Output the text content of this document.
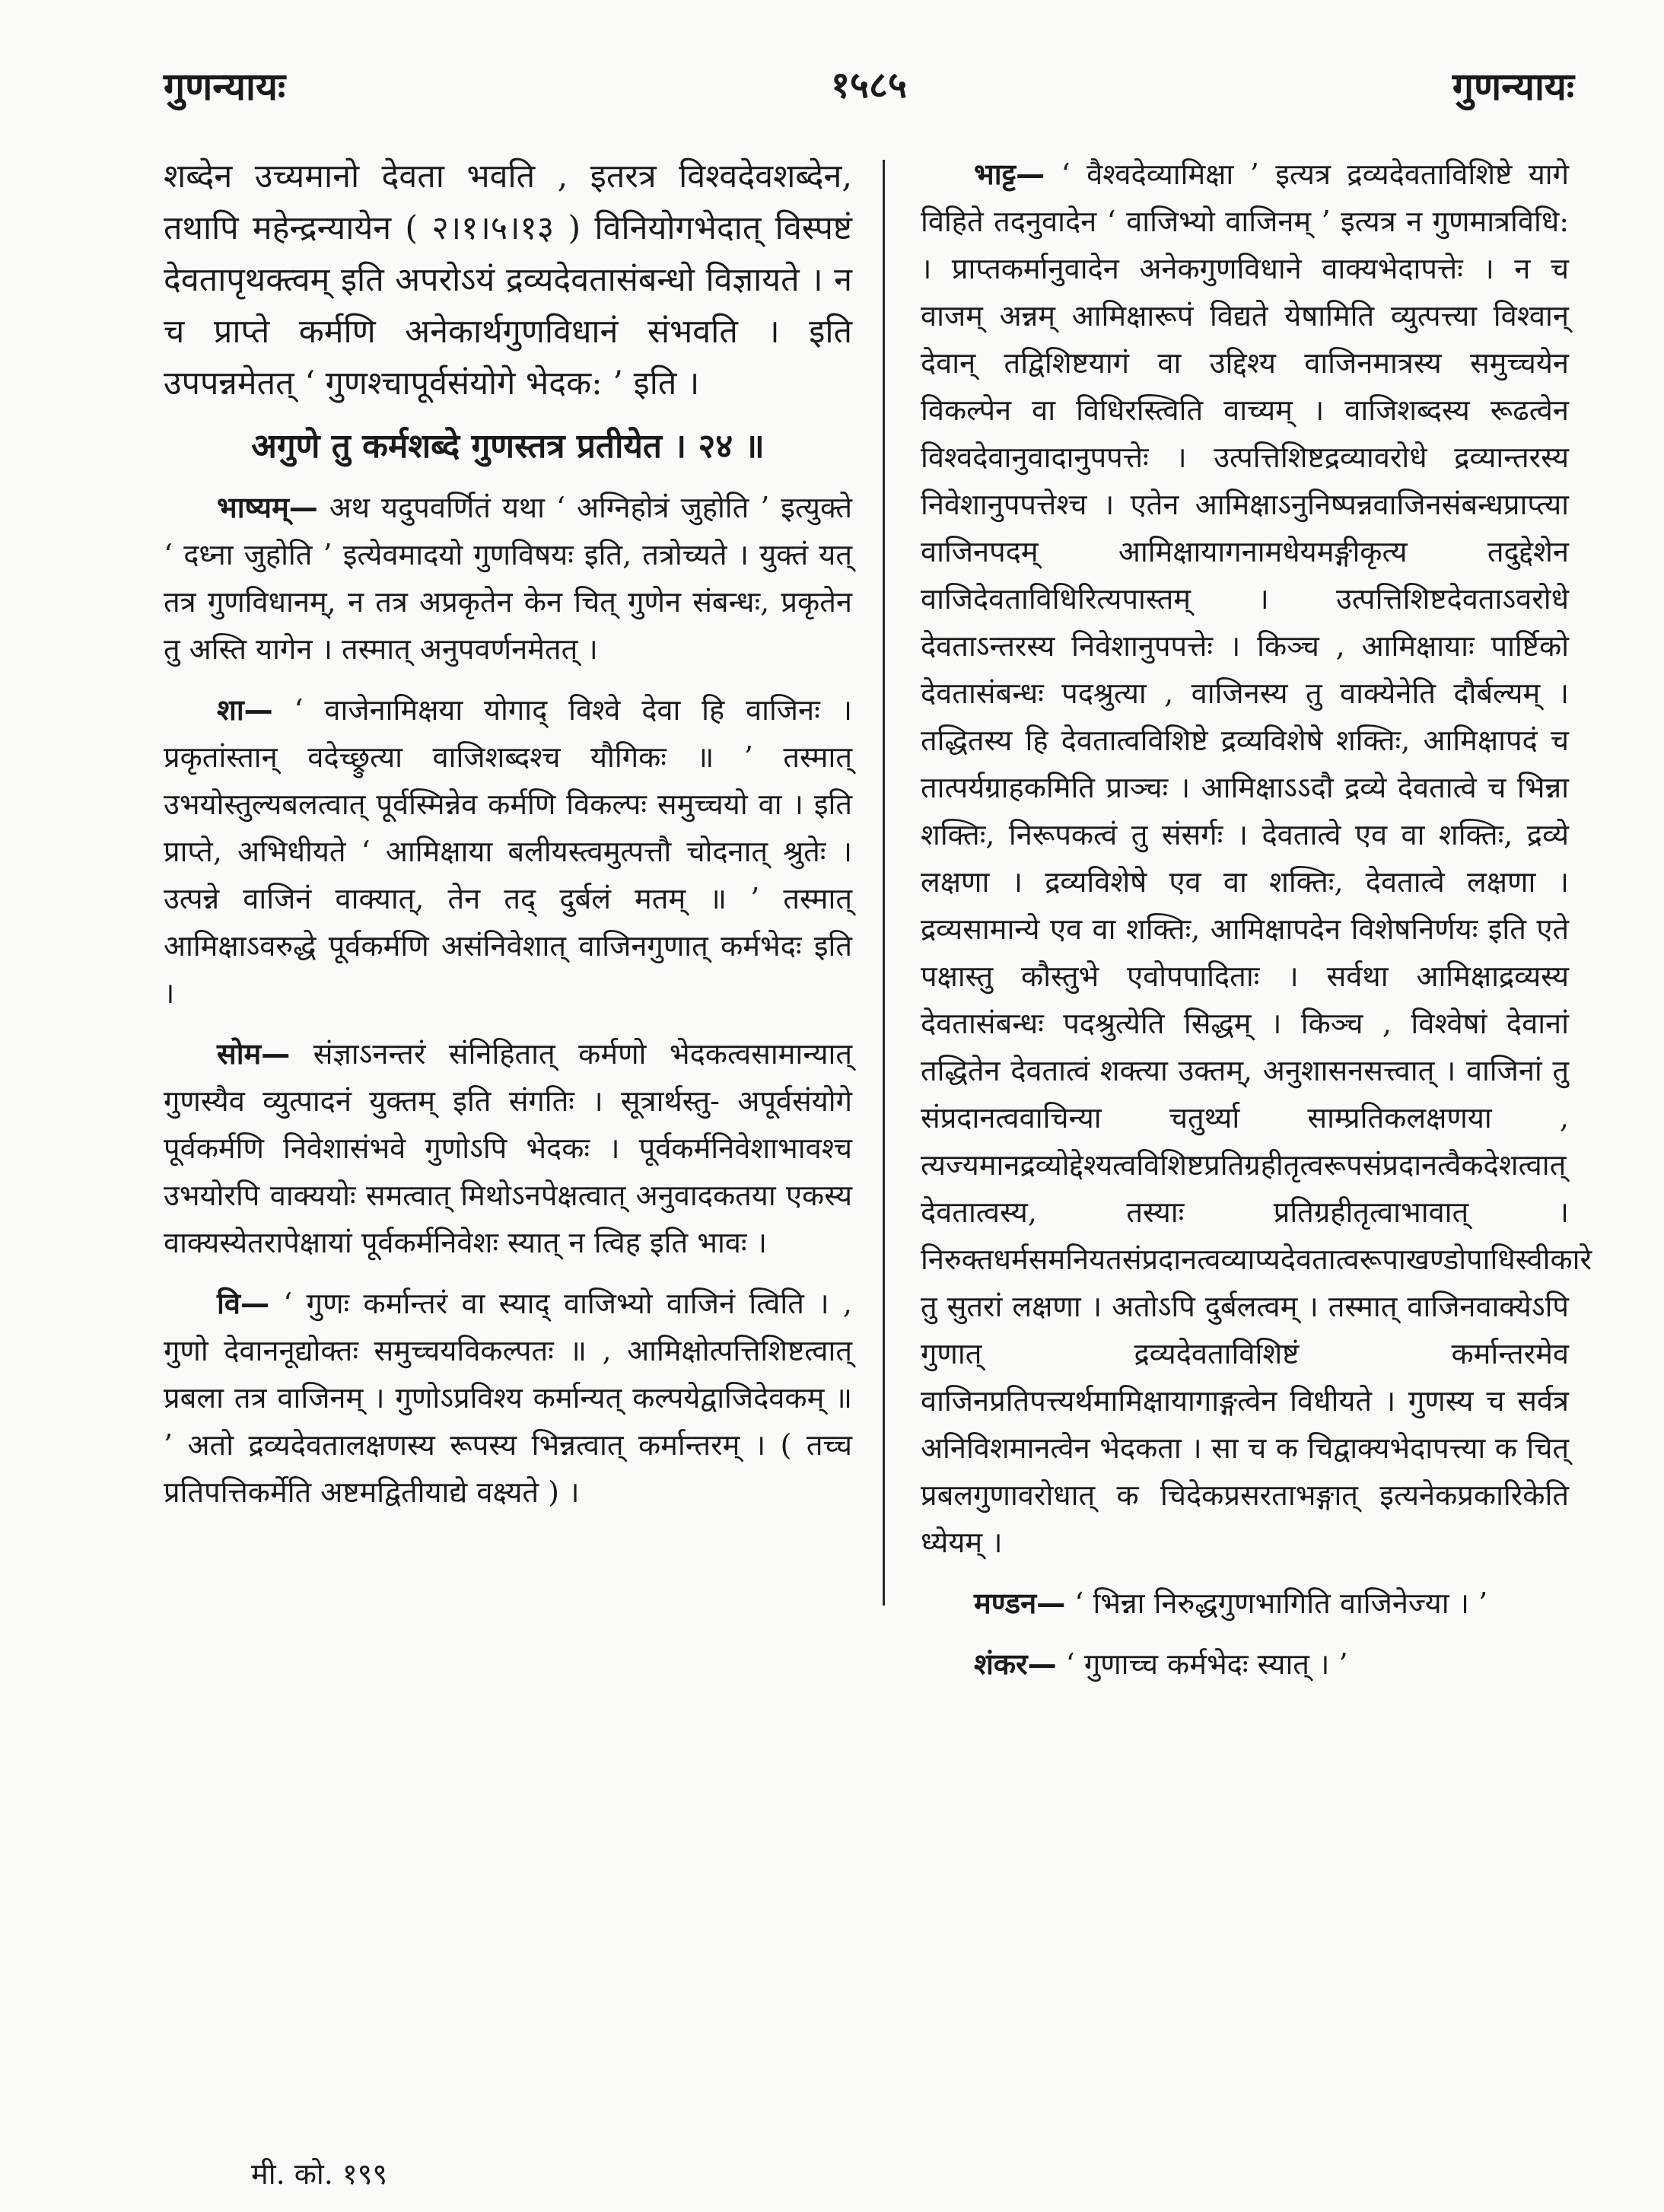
गुणन्यायः	१५८५	गुणन्यायः

शब्देन उच्यमानो देवता भवति , इतरत्र विश्वदेवशब्देन, तथापि महेन्द्रन्यायेन ( २।१।५।१३ ) विनियोगभेदात् विस्पष्टं देवतापृथक्त्वम् इति अपरोऽयं द्रव्यदेवतासंबन्धो विज्ञायते । न च प्राप्ते कर्मणि अनेकार्थगुणविधानं संभवति । इति उपपन्नमेतत् ‘ गुणश्चापूर्वसंयोगे भेदक: ’ इति ।

अगुणे तु कर्मशब्दे गुणस्तत्र प्रतीयेत । २४ ॥

भाष्यम्— अथ यदुपवर्णितं यथा ‘ अग्निहोत्रं जुहोति ’ इत्युक्ते ‘ दध्ना जुहोति ’ इत्येवमादयो गुणविषयः इति, तत्रोच्यते । युक्तं यत् तत्र गुणविधानम्, न तत्र अप्रकृतेन केन चित् गुणेन संबन्धः, प्रकृतेन तु अस्ति यागेन । तस्मात् अनुपवर्णनमेतत् ।

शा— ‘ वाजेनामिक्षया योगाद् विश्वे देवा हि वाजिनः । प्रकृतांस्तान् वदेच्छ्रुत्या वाजिशब्दश्च यौगिकः ॥ ’ तस्मात् उभयोस्तुल्यबलत्वात् पूर्वस्मिन्नेव कर्मणि विकल्पः समुच्चयो वा । इति प्राप्ते, अभिधीयते ‘ आमिक्षाया बलीयस्त्वमुत्पत्तौ चोदनात् श्रुतेः । उत्पन्ने वाजिनं वाक्यात्, तेन तद् दुर्बलं मतम् ॥ ’ तस्मात् आमिक्षाऽवरुद्धे पूर्वकर्मणि असंनिवेशात् वाजिनगुणात् कर्मभेदः इति ।

सोम— संज्ञाऽनन्तरं संनिहितात् कर्मणो भेदकत्वसामान्यात् गुणस्यैव व्युत्पादनं युक्तम् इति संगतिः । सूत्रार्थस्तु- अपूर्वसंयोगे पूर्वकर्मणि निवेशासंभवे गुणोऽपि भेदकः । पूर्वकर्मनिवेशाभावश्च उभयोरपि वाक्ययोः समत्वात् मिथोऽनपेक्षत्वात् अनुवादकतया एकस्य वाक्यस्येतरापेक्षायां पूर्वकर्मनिवेशः स्यात् न त्विह इति भावः ।

वि— ‘ गुणः कर्मान्तरं वा स्याद् वाजिभ्यो वाजिनं त्विति । , गुणो देवाननूद्योक्तः समुच्चयविकल्पतः ॥ , आमिक्षोत्पत्तिशिष्टत्वात् प्रबला तत्र वाजिनम् । गुणोऽप्रविश्य कर्मान्यत् कल्पयेद्वाजिदेवकम् ॥ ’ अतो द्रव्यदेवतालक्षणस्य रूपस्य भिन्नत्वात् कर्मान्तरम् । ( तच्च प्रतिपत्तिकर्मेति अष्टमद्वितीयाद्ये वक्ष्यते ) ।

भाट्ट— ‘ वैश्वदेव्यामिक्षा ’ इत्यत्र द्रव्यदेवताविशिष्टे यागे विहिते तदनुवादेन ‘ वाजिभ्यो वाजिनम् ’ इत्यत्र न गुणमात्रविधि: । प्राप्तकर्मानुवादेन अनेकगुणविधाने वाक्यभेदापत्तेः । न च वाजम् अन्नम् आमिक्षारूपं विद्यते येषामिति व्युत्पत्त्या विश्वान् देवान् तद्विशिष्टयागं वा उद्दिश्य वाजिनमात्रस्य समुच्चयेन विकल्पेन वा विधिरस्त्विति वाच्यम् । वाजिशब्दस्य रूढत्वेन विश्वदेवानुवादानुपपत्तेः । उत्पत्तिशिष्टद्रव्यावरोधे द्रव्यान्तरस्य निवेशानुपपत्तेश्च । एतेन आमिक्षाऽनुनिष्पन्नवाजिनसंबन्धप्राप्त्या वाजिनपदम् आमिक्षायागनामधेयमङ्गीकृत्य तदुद्देशेन वाजिदेवताविधिरित्यपास्तम् । उत्पत्तिशिष्टदेवताऽवरोधे देवताऽन्तरस्य निवेशानुपपत्तेः । किञ्च , आमिक्षायाः पार्ष्टिको देवतासंबन्धः पदश्रुत्या , वाजिनस्य तु वाक्येनेति दौर्बल्यम् । तद्धितस्य हि देवतात्वविशिष्टे द्रव्यविशेषे शक्तिः, आमिक्षापदं च तात्पर्यग्राहकमिति प्राञ्चः । आमिक्षाऽऽदौ द्रव्ये देवतात्वे च भिन्ना शक्तिः, निरूपकत्वं तु संसर्गः । देवतात्वे एव वा शक्तिः, द्रव्ये लक्षणा । द्रव्यविशेषे एव वा शक्तिः, देवतात्वे लक्षणा । द्रव्यसामान्ये एव वा शक्तिः, आमिक्षापदेन विशेषनिर्णयः इति एते पक्षास्तु कौस्तुभे एवोपपादिताः । सर्वथा आमिक्षाद्रव्यस्य देवतासंबन्धः पदश्रुत्येति सिद्धम् । किञ्च , विश्वेषां देवानां तद्धितेन देवतात्वं शक्त्या उक्तम्, अनुशासनसत्त्वात् । वाजिनां तु संप्रदानत्ववाचिन्या चतुर्थ्या साम्प्रतिकलक्षणया , त्यज्यमानद्रव्योद्देश्यत्वविशिष्टप्रतिग्रहीतृत्वरूपसंप्रदानत्वैकदेशत्वात् देवतात्वस्य, तस्याः प्रतिग्रहीतृत्वाभावात् । निरुक्तधर्मसमनियतसंप्रदानत्वव्याप्यदेवतात्वरूपाखण्डोपाधिस्वीकारे तु सुतरां लक्षणा । अतोऽपि दुर्बलत्वम् । तस्मात् वाजिनवाक्येऽपि गुणात् द्रव्यदेवताविशिष्टं कर्मान्तरमेव वाजिनप्रतिपत्त्यर्थमामिक्षायागाङ्गत्वेन विधीयते । गुणस्य च सर्वत्र अनिविशमानत्वेन भेदकता । सा च क चिद्वाक्यभेदापत्त्या क चित् प्रबलगुणावरोधात् क चिदेकप्रसरताभङ्गात् इत्यनेकप्रकारिकेति ध्येयम् ।

मण्डन— ‘ भिन्ना निरुद्धगुणभागिति वाजिनेज्या । ’

शंकर— ‘ गुणाच्च कर्मभेदः स्यात् । ’

मी. को. १९९
